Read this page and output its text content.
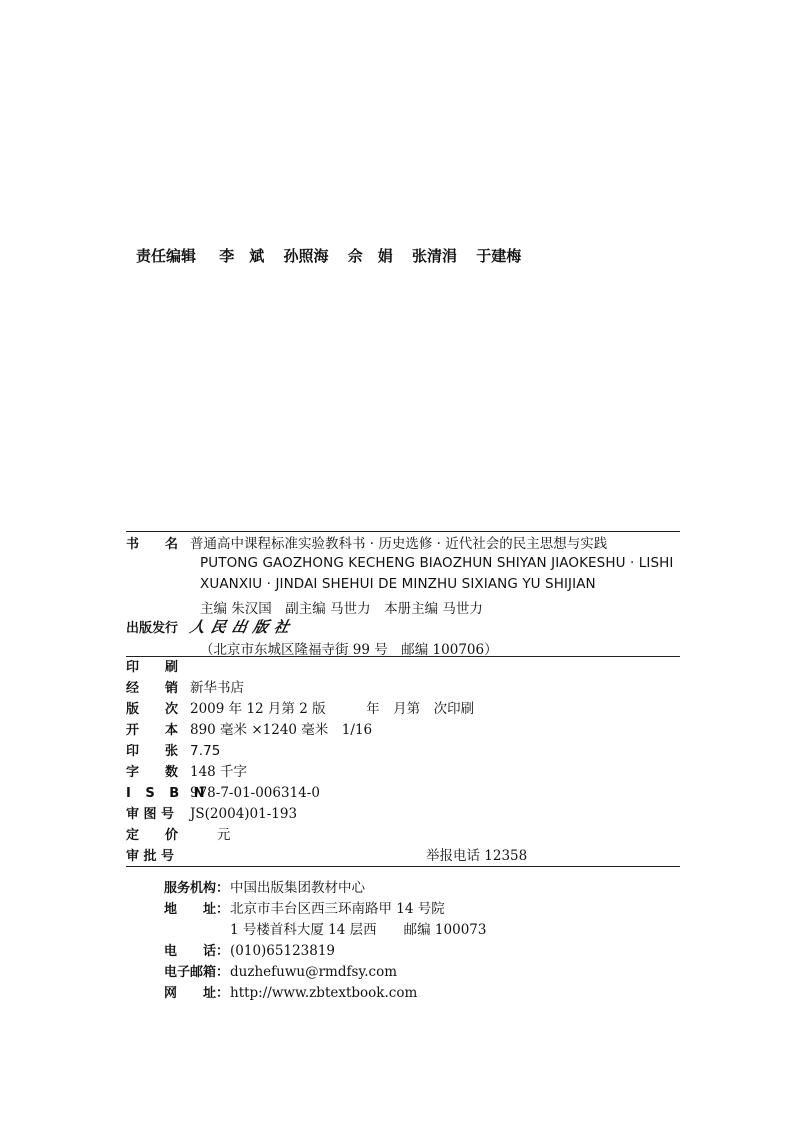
责任编辑 李　斌 孙照海 佘　娟 张清涓 于建梅
书　　名 普通高中课程标准实验教科书 · 历史选修 · 近代社会的民主思想与实践
PUTONG GAOZHONG KECHENG BIAOZHUN SHIYAN JIAOKESHU · LISHI
XUANXIU · JINDAI SHEHUI DE MINZHU SIXIANG YU SHIJIAN
主编 朱汉国　副主编 马世力　本册主编 马世力
出版发行 人民出版社
（北京市东城区隆福寺街 99 号　邮编 100706）
印　　刷
经　　销 新华书店
版　　次 2009 年 12 月第 2 版　　　年　月第　次印刷
开　　本 890 毫米 ×1240 毫米　1/16
印　　张 7.75
字　　数 148 千字
I S B N978-7-01-006314-0
审 图 号 JS(2004)01-193
定　　价　　元
审 批 号	举报电话 12358
服务机构：中国出版集团教材中心
地　　址：北京市丰台区西三环南路甲 14 号院
1 号楼首科大厦 14 层西　　邮编 100073
电　　话：(010)65123819
电子邮箱：duzhefuwu@rmdfsy.com
网　　址：http://www.zbtextbook.com
